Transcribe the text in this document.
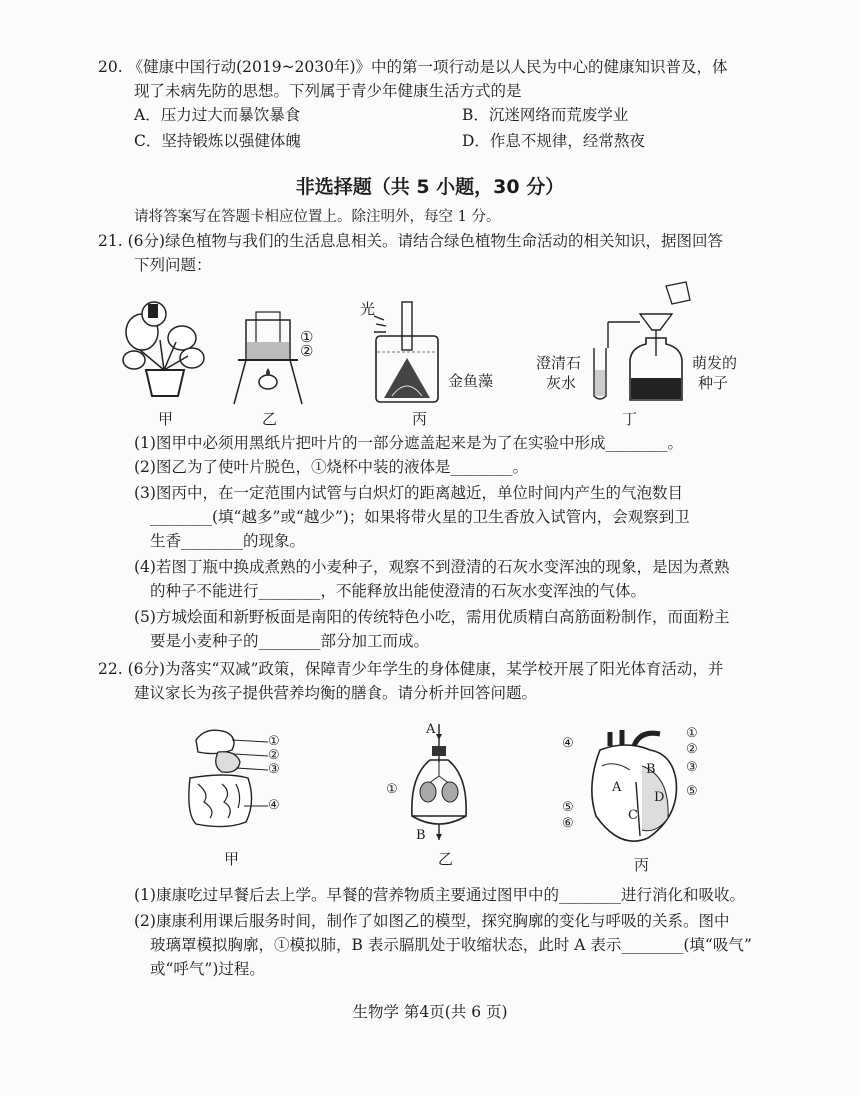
20. 《健康中国行动(2019~2030年)》中的第一项行动是以人民为中心的健康知识普及，体
现了未病先防的思想。下列属于青少年健康生活方式的是
A．压力过大而暴饮暴食	B．沉迷网络而荒废学业
C．坚持锻炼以强健体魄	D．作息不规律，经常熬夜
非选择题（共 5 小题，30 分）
请将答案写在答题卡相应位置上。除注明外，每空 1 分。
21. (6分)绿色植物与我们的生活息息相关。请结合绿色植物生命活动的相关知识，据图回答
下列问题：
①
②
光
金鱼藻
澄清石
灰水
萌发的
种子
甲	乙	丙	丁
(1)图甲中必须用黑纸片把叶片的一部分遮盖起来是为了在实验中形成________。
(2)图乙为了使叶片脱色，①烧杯中装的液体是________。
(3)图丙中，在一定范围内试管与白炽灯的距离越近，单位时间内产生的气泡数目
________(填“越多”或“越少”)；如果将带火星的卫生香放入试管内，会观察到卫
生香________的现象。
(4)若图丁瓶中换成煮熟的小麦种子，观察不到澄清的石灰水变浑浊的现象，是因为煮熟
的种子不能进行________，不能释放出能使澄清的石灰水变浑浊的气体。
(5)方城烩面和新野板面是南阳的传统特色小吃，需用优质精白高筋面粉制作，而面粉主
要是小麦种子的________部分加工而成。
22. (6分)为落实“双减”政策，保障青少年学生的身体健康，某学校开展了阳光体育活动，并
建议家长为孩子提供营养均衡的膳食。请分析并回答问题。
①
②
③
④
A
①
B
A
B
C
D
④
⑤
⑥
①
②
③
⑤
甲	乙	丙
(1)康康吃过早餐后去上学。早餐的营养物质主要通过图甲中的________进行消化和吸收。
(2)康康利用课后服务时间，制作了如图乙的模型，探究胸廓的变化与呼吸的关系。图中
玻璃罩模拟胸廓，①模拟肺，B 表示膈肌处于收缩状态，此时 A 表示________(填“吸气”
或“呼气”)过程。
生物学 第4页(共 6 页)
